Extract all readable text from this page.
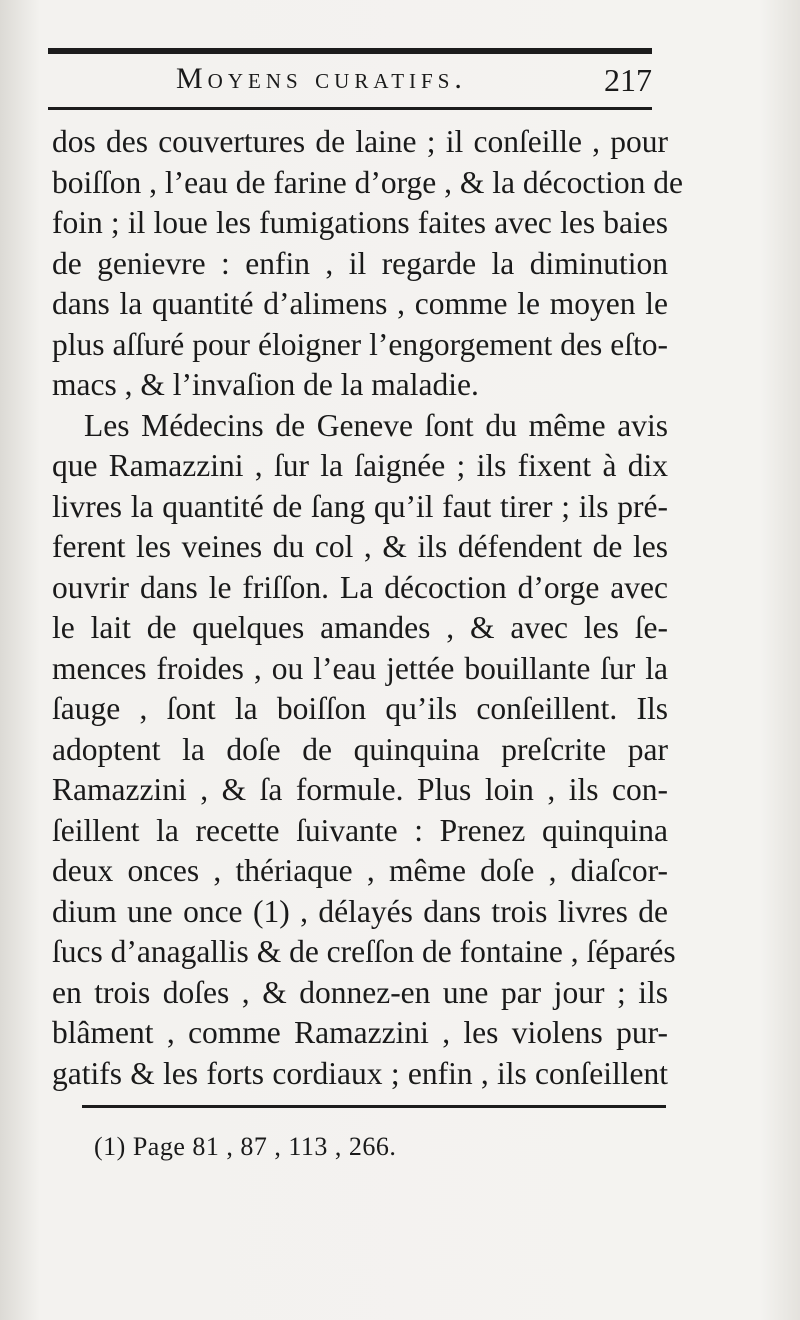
Moyens curatifs.	217
dos des couvertures de laine ; il conſeille , pour
boiſſon , l’eau de farine d’orge , & la décoction de
foin ; il loue les fumigations faites avec les baies
de genievre : enfin , il regarde la diminution
dans la quantité d’alimens , comme le moyen le
plus aſſuré pour éloigner l’engorgement des eſto-
macs , & l’invaſion de la maladie.
Les Médecins de Geneve ſont du même avis
que Ramazzini , ſur la ſaignée ; ils fixent à dix
livres la quantité de ſang qu’il faut tirer ; ils pré-
ferent les veines du col , & ils défendent de les
ouvrir dans le friſſon. La décoction d’orge avec
le lait de quelques amandes , & avec les ſe-
mences froides , ou l’eau jettée bouillante ſur la
ſauge , ſont la boiſſon qu’ils conſeillent. Ils
adoptent la doſe de quinquina preſcrite par
Ramazzini , & ſa formule. Plus loin , ils con-
ſeillent la recette ſuivante : Prenez quinquina
deux onces , thériaque , même doſe , diaſcor-
dium une once (1) , délayés dans trois livres de
ſucs d’anagallis & de creſſon de fontaine , ſéparés
en trois doſes , & donnez-en une par jour ; ils
blâment , comme Ramazzini , les violens pur-
gatifs & les forts cordiaux ; enfin , ils conſeillent
(1) Page 81 , 87 , 113 , 266.
